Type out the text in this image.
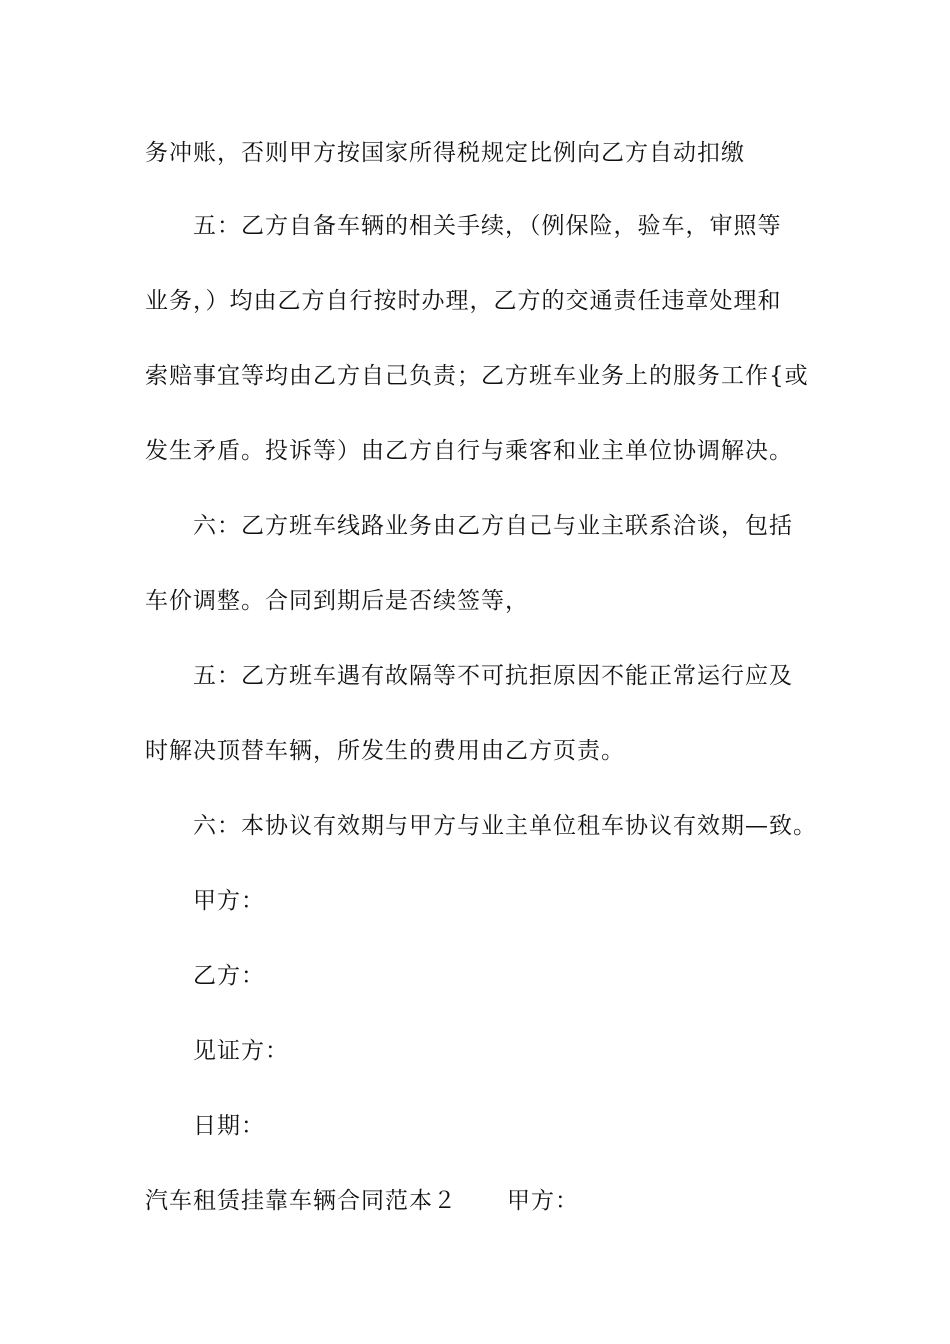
务冲账，否则甲方按国家所得税规定比例向乙方自动扣缴
五：乙方自备车辆的相关手续，（例保险，验车，审照等
业务，）均由乙方自行按时办理，乙方的交通责任违章处理和
索赔事宜等均由乙方自己负责；乙方班车业务上的服务工作{或
发生矛盾。投诉等）由乙方自行与乘客和业主单位协调解决。
六：乙方班车线路业务由乙方自己与业主联系洽谈，包括
车价调整。合同到期后是否续签等，
五：乙方班车遇有故隔等不可抗拒原因不能正常运行应及
时解决顶替车辆，所发生的费用由乙方页责。
六：本协议有效期与甲方与业主单位租车协议有效期—致。
甲方：
乙方：
见证方：
日期：
汽车租赁挂靠车辆合同范本２ 甲方：
